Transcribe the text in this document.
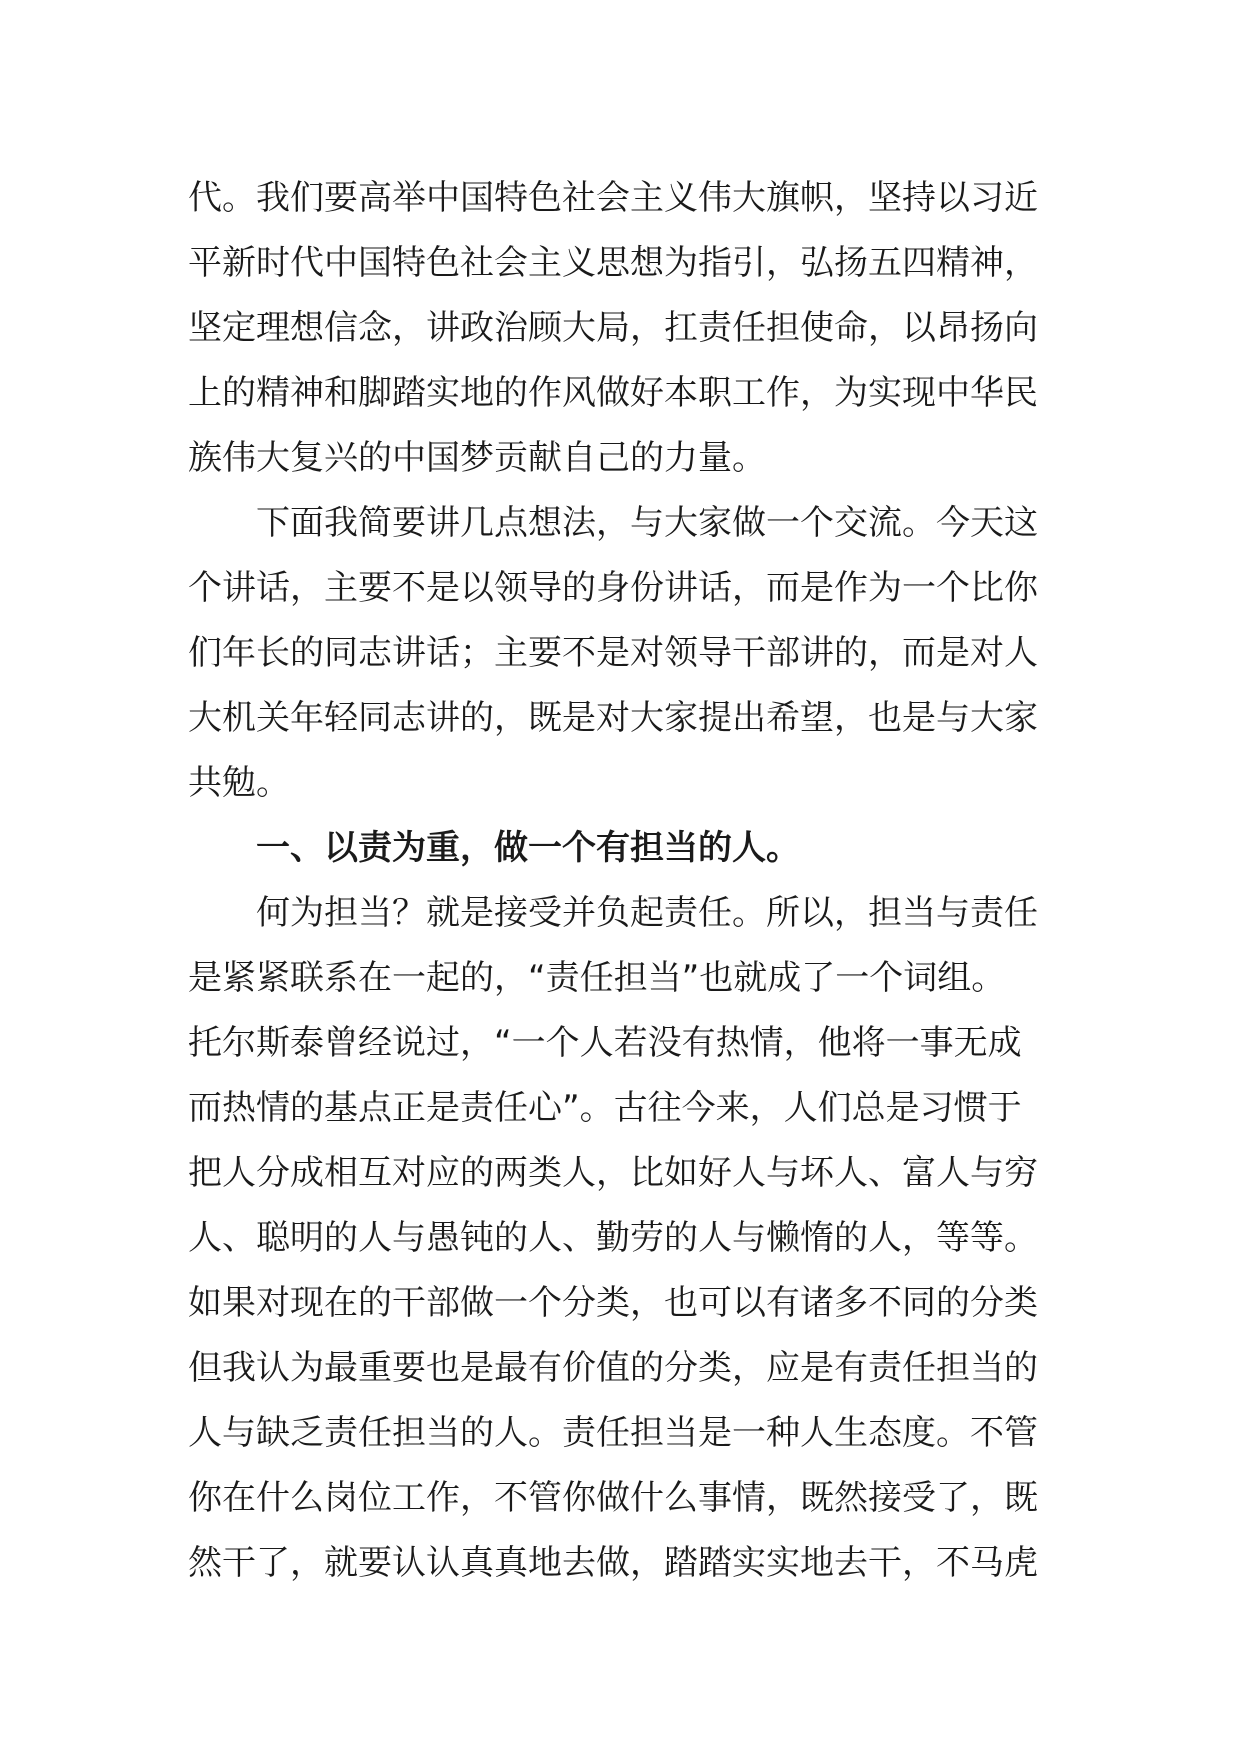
代。我们要高举中国特色社会主义伟大旗帜，坚持以习近
平新时代中国特色社会主义思想为指引，弘扬五四精神，
坚定理想信念，讲政治顾大局，扛责任担使命，以昂扬向
上的精神和脚踏实地的作风做好本职工作，为实现中华民
族伟大复兴的中国梦贡献自己的力量。
下面我简要讲几点想法，与大家做一个交流。今天这
个讲话，主要不是以领导的身份讲话，而是作为一个比你
们年长的同志讲话；主要不是对领导干部讲的，而是对人
大机关年轻同志讲的，既是对大家提出希望，也是与大家
共勉。
一、以责为重，做一个有担当的人。
何为担当？就是接受并负起责任。所以，担当与责任
是紧紧联系在一起的，“责任担当”也就成了一个词组。
托尔斯泰曾经说过，“一个人若没有热情，他将一事无成
而热情的基点正是责任心”。古往今来，人们总是习惯于
把人分成相互对应的两类人，比如好人与坏人、富人与穷
人、聪明的人与愚钝的人、勤劳的人与懒惰的人，等等。
如果对现在的干部做一个分类，也可以有诸多不同的分类
但我认为最重要也是最有价值的分类，应是有责任担当的
人与缺乏责任担当的人。责任担当是一种人生态度。不管
你在什么岗位工作，不管你做什么事情，既然接受了，既
然干了，就要认认真真地去做，踏踏实实地去干，不马虎
